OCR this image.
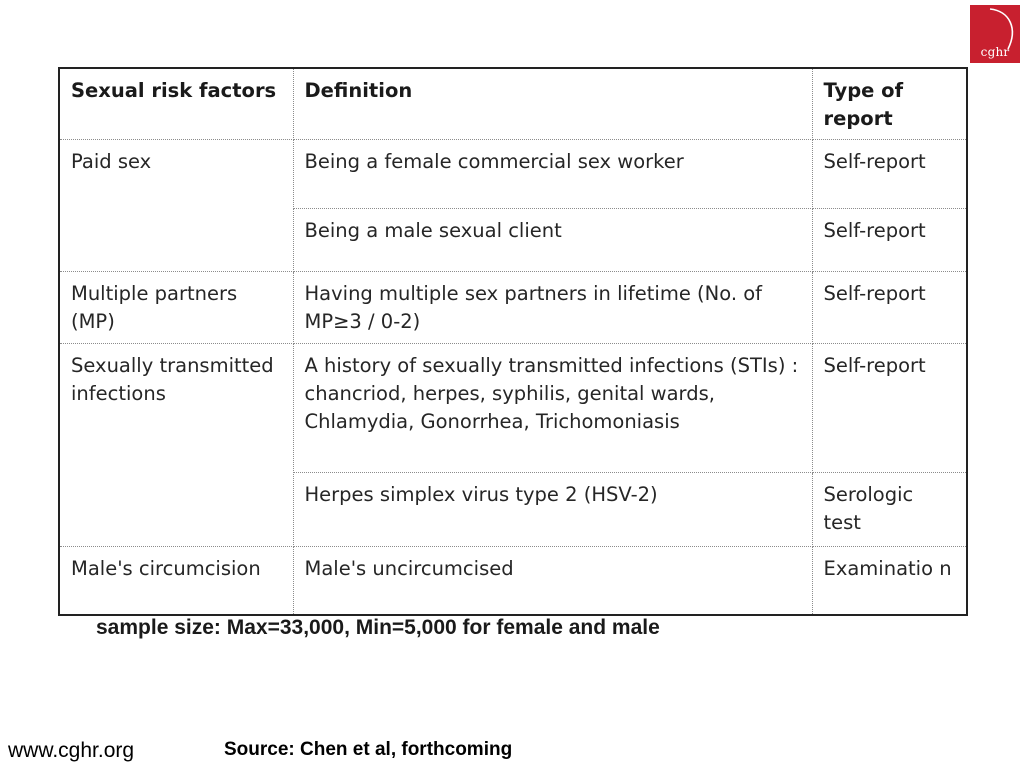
cghr
Sexual risk factors	Definition	Type of report
Paid sex	Being a female commercial sex worker	Self-report
	Being a male sexual client	Self-report
Multiple partners (MP)	Having multiple sex partners in lifetime (No. of MP≥3 / 0-2)	Self-report
Sexually transmitted infections	A history of sexually transmitted infections (STIs) : chancriod, herpes, syphilis, genital wards, Chlamydia, Gonorrhea, Trichomoniasis	Self-report
	Herpes simplex virus type 2 (HSV-2)	Serologic test
Male's circumcision	Male's uncircumcised	Examinatio n
sample size: Max=33,000, Min=5,000 for female and male
www.cghr.org	Source: Chen et al, forthcoming
